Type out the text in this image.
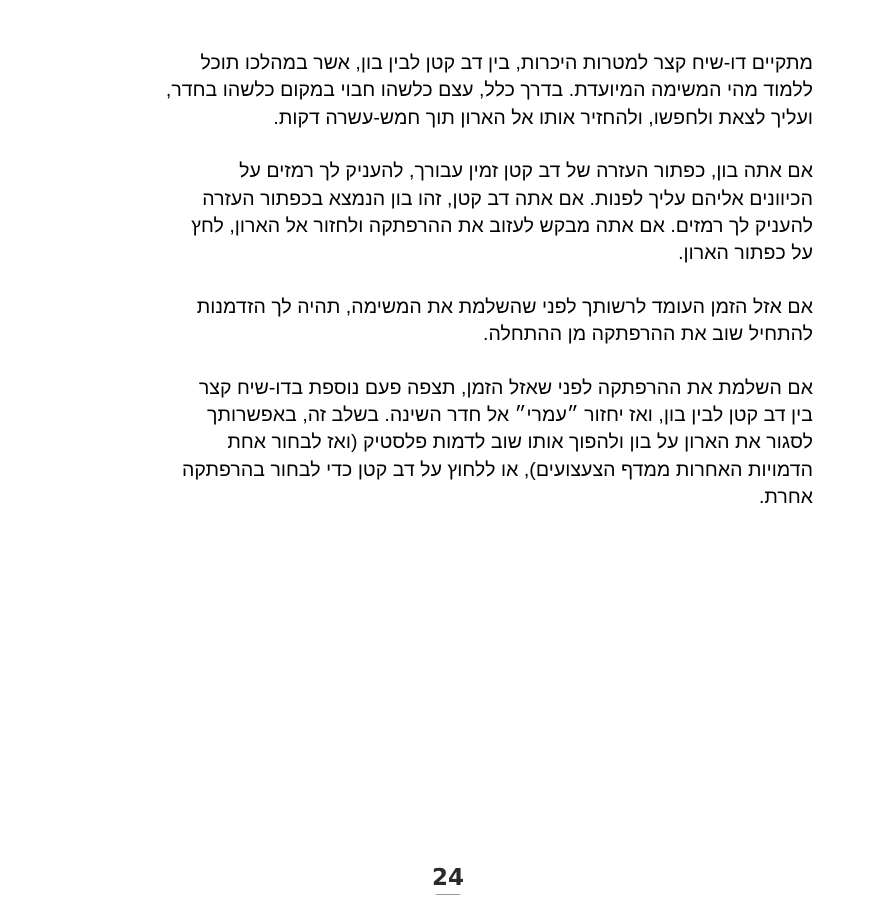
מתקיים דו-שיח קצר למטרות היכרות, בין דב קטן לבין בון, אשר במהלכו תוכל
ללמוד מהי המשימה המיועדת. בדרך כלל, עצם כלשהו חבוי במקום כלשהו בחדר,
ועליך לצאת ולחפשו, ולהחזיר אותו אל הארון תוך חמש-עשרה דקות.

אם אתה בון, כפתור העזרה של דב קטן זמין עבורך, להעניק לך רמזים על
הכיוונים אליהם עליך לפנות. אם אתה דב קטן, זהו בון הנמצא בכפתור העזרה
להעניק לך רמזים. אם אתה מבקש לעזוב את ההרפתקה ולחזור אל הארון, לחץ
על כפתור הארון.

אם אזל הזמן העומד לרשותך לפני שהשלמת את המשימה, תהיה לך הזדמנות
להתחיל שוב את ההרפתקה מן ההתחלה.

אם השלמת את ההרפתקה לפני שאזל הזמן, תצפה פעם נוספת בדו-שיח קצר
בין דב קטן לבין בון, ואז יחזור ״עמרי״ אל חדר השינה. בשלב זה, באפשרותך
לסגור את הארון על בון ולהפוך אותו שוב לדמות פלסטיק (ואז לבחור אחת
הדמויות האחרות ממדף הצעצועים), או ללחוץ על דב קטן כדי לבחור בהרפתקה
אחרת.

24
